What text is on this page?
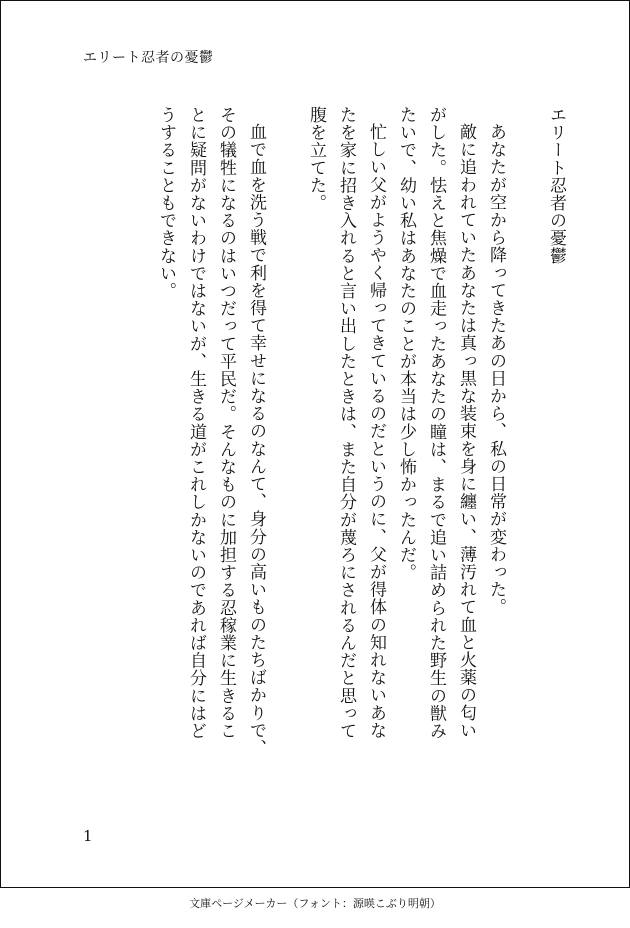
エリート忍者の憂鬱
エリート忍者の憂鬱
あなたが空から降ってきたあの日から、私の日常が変わった。
敵に追われていたあなたは真っ黒な装束を身に纏い、薄汚れて血と火薬の匂い
がした。怯えと焦燥で血走ったあなたの瞳は、まるで追い詰められた野生の獣み
たいで、幼い私はあなたのことが本当は少し怖かったんだ。
忙しい父がようやく帰ってきているのだというのに、父が得体の知れないあな
たを家に招き入れると言い出したときは、また自分が蔑ろにされるんだと思って
腹を立てた。
血で血を洗う戦で利を得て幸せになるのなんて、身分の高いものたちばかりで、
その犠牲になるのはいつだって平民だ。そんなものに加担する忍稼業に生きるこ
とに疑問がないわけではないが、生きる道がこれしかないのであれば自分にはど
うすることもできない。
1
文庫ページメーカー（フォント：源暎こぶり明朝）
